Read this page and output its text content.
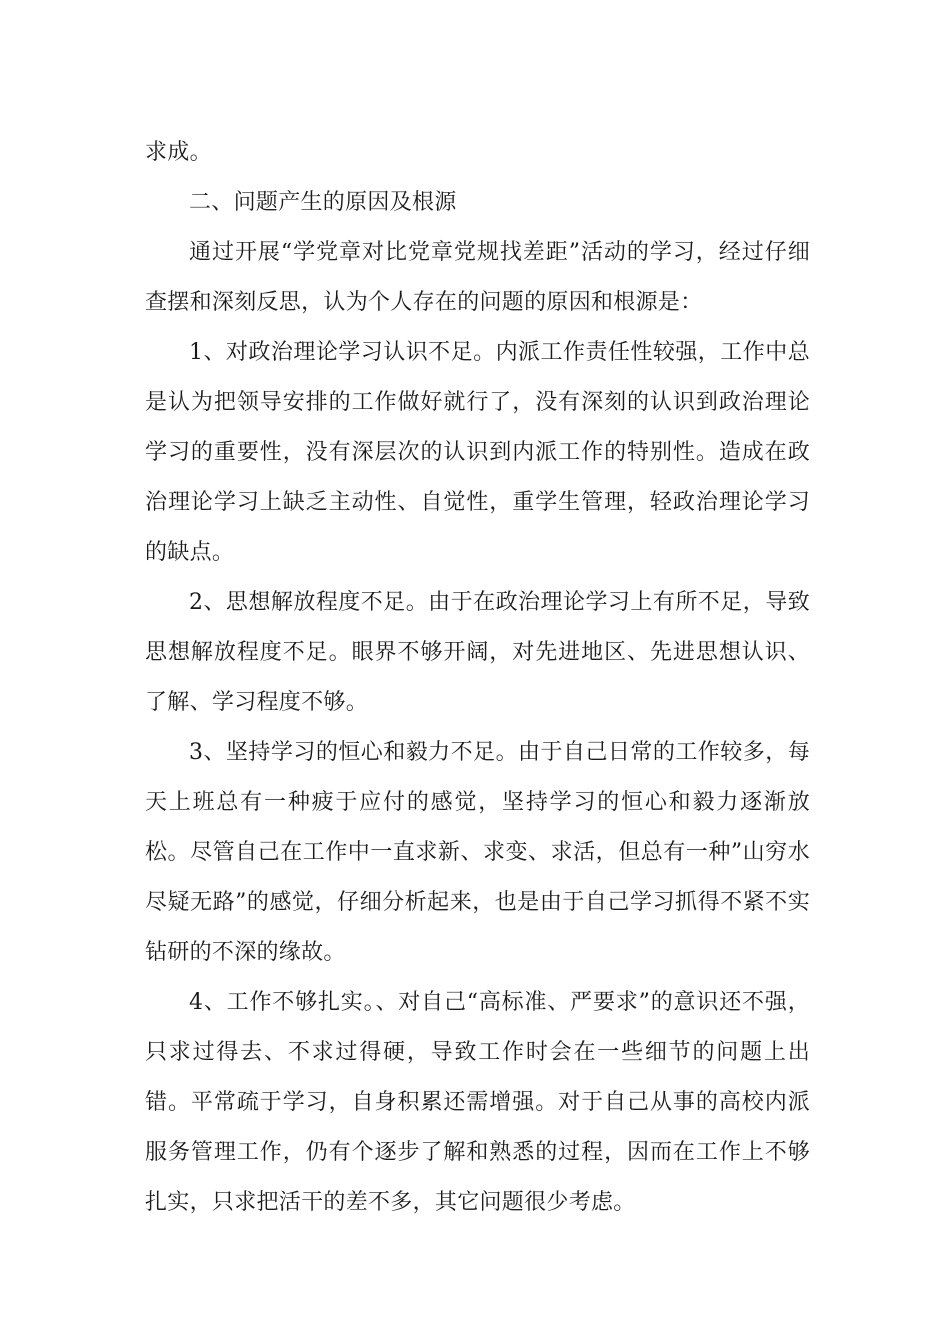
求成。

二、问题产生的原因及根源

通过开展“学党章对比党章党规找差距”活动的学习，经过仔细查摆和深刻反思，认为个人存在的问题的原因和根源是：

1、对政治理论学习认识不足。内派工作责任性较强，工作中总是认为把领导安排的工作做好就行了，没有深刻的认识到政治理论学习的重要性，没有深层次的认识到内派工作的特别性。造成在政治理论学习上缺乏主动性、自觉性，重学生管理，轻政治理论学习的缺点。

2、思想解放程度不足。由于在政治理论学习上有所不足，导致思想解放程度不足。眼界不够开阔，对先进地区、先进思想认识、了解、学习程度不够。

3、坚持学习的恒心和毅力不足。由于自己日常的工作较多，每天上班总有一种疲于应付的感觉，坚持学习的恒心和毅力逐渐放松。尽管自己在工作中一直求新、求变、求活，但总有一种”山穷水尽疑无路”的感觉，仔细分析起来，也是由于自己学习抓得不紧不实钻研的不深的缘故。

4、工作不够扎实。、对自己“高标准、严要求”的意识还不强，只求过得去、不求过得硬，导致工作时会在一些细节的问题上出错。平常疏于学习，自身积累还需增强。对于自己从事的高校内派服务管理工作，仍有个逐步了解和熟悉的过程，因而在工作上不够扎实，只求把活干的差不多，其它问题很少考虑。
